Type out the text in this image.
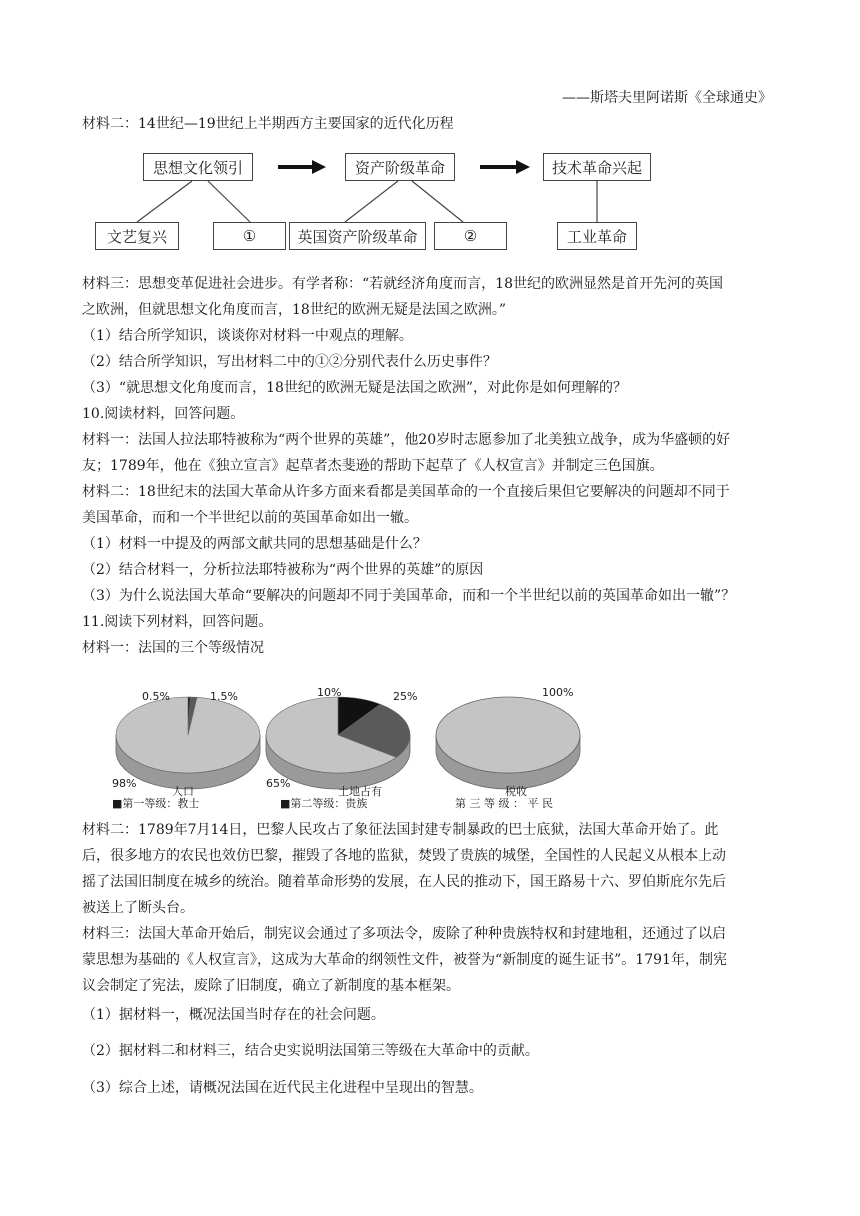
——斯塔夫里阿诺斯《全球通史》
材料二：14世纪—19世纪上半期西方主要国家的近代化历程
思想文化领引	资产阶级革命	技术革命兴起
文艺复兴	①	英国资产阶级革命	②	工业革命
材料三：思想变革促进社会进步。有学者称：“若就经济角度而言，18世纪的欧洲显然是首开先河的英国
之欧洲，但就思想文化角度而言，18世纪的欧洲无疑是法国之欧洲。”
（1）结合所学知识，谈谈你对材料一中观点的理解。
（2）结合所学知识，写出材料二中的①②分别代表什么历史事件？
（3）“就思想文化角度而言，18世纪的欧洲无疑是法国之欧洲”，对此你是如何理解的？
10.阅读材料，回答问题。
材料一：法国人拉法耶特被称为“两个世界的英雄”，他20岁时志愿参加了北美独立战争，成为华盛顿的好
友；1789年，他在《独立宣言》起草者杰斐逊的帮助下起草了《人权宣言》并制定三色国旗。
材料二：18世纪末的法国大革命从许多方面来看都是美国革命的一个直接后果但它要解决的问题却不同于
美国革命，而和一个半世纪以前的英国革命如出一辙。
（1）材料一中提及的两部文献共同的思想基础是什么？
（2）结合材料一，分析拉法耶特被称为“两个世界的英雄”的原因
（3）为什么说法国大革命“要解决的问题却不同于美国革命，而和一个半世纪以前的英国革命如出一辙”？
11.阅读下列材料，回答问题。
材料一：法国的三个等级情况
0.5%	1.5%
98%
人口
■第一等级：教士
10%	25%
65%
土地占有
■第二等级：贵族
100%
税收
第 三 等 级 ： 平 民
材料二：1789年7月14日，巴黎人民攻占了象征法国封建专制暴政的巴士底狱，法国大革命开始了。此
后，很多地方的农民也效仿巴黎，摧毁了各地的监狱，焚毁了贵族的城堡，全国性的人民起义从根本上动
摇了法国旧制度在城乡的统治。随着革命形势的发展，在人民的推动下，国王路易十六、罗伯斯庇尔先后
被送上了断头台。
材料三：法国大革命开始后，制宪议会通过了多项法令，废除了种种贵族特权和封建地租，还通过了以启
蒙思想为基础的《人权宣言》，这成为大革命的纲领性文件，被誉为“新制度的诞生证书”。1791年，制宪
议会制定了宪法，废除了旧制度，确立了新制度的基本框架。
（1）据材料一，概况法国当时存在的社会问题。
（2）据材料二和材料三，结合史实说明法国第三等级在大革命中的贡献。
（3）综合上述，请概况法国在近代民主化进程中呈现出的智慧。
